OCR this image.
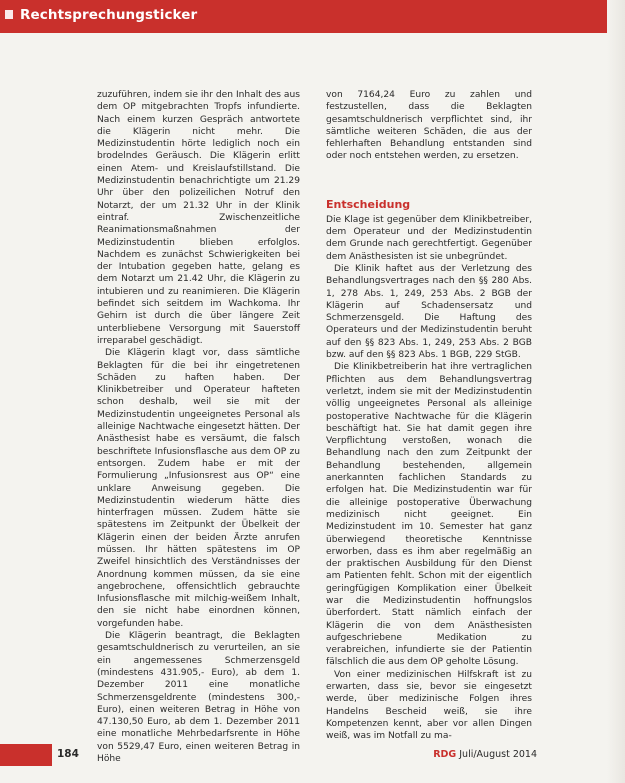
Rechtsprechungsticker

zuzuführen, indem sie ihr den Inhalt des aus dem OP mitgebrachten Tropfs infundierte. Nach einem kurzen Gespräch antwortete die Klägerin nicht mehr. Die Medizinstudentin hörte lediglich noch ein brodelndes Geräusch. Die Klägerin erlitt einen Atem- und Kreislaufstillstand. Die Medizinstudentin benachrichtigte um 21.29 Uhr über den polizeilichen Notruf den Notarzt, der um 21.32 Uhr in der Klinik eintraf. Zwischenzeitliche Reanimationsmaßnahmen der Medizinstudentin blieben erfolglos. Nachdem es zunächst Schwierigkeiten bei der Intubation gegeben hatte, gelang es dem Notarzt um 21.42 Uhr, die Klägerin zu intubieren und zu reanimieren. Die Klägerin befindet sich seitdem im Wachkoma. Ihr Gehirn ist durch die über längere Zeit unterbliebene Versorgung mit Sauerstoff irreparabel geschädigt.

Die Klägerin klagt vor, dass sämtliche Beklagten für die bei ihr eingetretenen Schäden zu haften haben. Der Klinikbetreiber und Operateur hafteten schon deshalb, weil sie mit der Medizinstudentin ungeeignetes Personal als alleinige Nachtwache eingesetzt hätten. Der Anästhesist habe es versäumt, die falsch beschriftete Infusionsflasche aus dem OP zu entsorgen. Zudem habe er mit der Formulierung „Infusionsrest aus OP“ eine unklare Anweisung gegeben. Die Medizinstudentin wiederum hätte dies hinterfragen müssen. Zudem hätte sie spätestens im Zeitpunkt der Übelkeit der Klägerin einen der beiden Ärzte anrufen müssen. Ihr hätten spätestens im OP Zweifel hinsichtlich des Verständnisses der Anordnung kommen müssen, da sie eine angebrochene, offensichtlich gebrauchte Infusionsflasche mit milchig-weißem Inhalt, den sie nicht habe einordnen können, vorgefunden habe.

Die Klägerin beantragt, die Beklagten gesamtschuldnerisch zu verurteilen, an sie ein angemessenes Schmerzensgeld (mindestens 431.905,- Euro), ab dem 1. Dezember 2011 eine monatliche Schmerzensgeldrente (mindestens 300,- Euro), einen weiteren Betrag in Höhe von 47.130,50 Euro, ab dem 1. Dezember 2011 eine monatliche Mehrbedarfsrente in Höhe von 5529,47 Euro, einen weiteren Betrag in Höhe

von 7164,24 Euro zu zahlen und festzustellen, dass die Beklagten gesamtschuldnerisch verpflichtet sind, ihr sämtliche weiteren Schäden, die aus der fehlerhaften Behandlung entstanden sind oder noch entstehen werden, zu ersetzen.

Entscheidung

Die Klage ist gegenüber dem Klinikbetreiber, dem Operateur und der Medizinstudentin dem Grunde nach gerechtfertigt. Gegenüber dem Anästhesisten ist sie unbegründet.

Die Klinik haftet aus der Verletzung des Behandlungsvertrages nach den §§ 280 Abs. 1, 278 Abs. 1, 249, 253 Abs. 2 BGB der Klägerin auf Schadensersatz und Schmerzensgeld. Die Haftung des Operateurs und der Medizinstudentin beruht auf den §§ 823 Abs. 1, 249, 253 Abs. 2 BGB bzw. auf den §§ 823 Abs. 1 BGB, 229 StGB.

Die Klinikbetreiberin hat ihre vertraglichen Pflichten aus dem Behandlungsvertrag verletzt, indem sie mit der Medizinstudentin völlig ungeeignetes Personal als alleinige postoperative Nachtwache für die Klägerin beschäftigt hat. Sie hat damit gegen ihre Verpflichtung verstoßen, wonach die Behandlung nach den zum Zeitpunkt der Behandlung bestehenden, allgemein anerkannten fachlichen Standards zu erfolgen hat. Die Medizinstudentin war für die alleinige postoperative Überwachung medizinisch nicht geeignet. Ein Medizinstudent im 10. Semester hat ganz überwiegend theoretische Kenntnisse erworben, dass es ihm aber regelmäßig an der praktischen Ausbildung für den Dienst am Patienten fehlt. Schon mit der eigentlich geringfügigen Komplikation einer Übelkeit war die Medizinstudentin hoffnungslos überfordert. Statt nämlich einfach der Klägerin die von dem Anästhesisten aufgeschriebene Medikation zu verabreichen, infundierte sie der Patientin fälschlich die aus dem OP geholte Lösung.

Von einer medizinischen Hilfskraft ist zu erwarten, dass sie, bevor sie eingesetzt werde, über medizinische Folgen ihres Handelns Bescheid weiß, sie ihre Kompetenzen kennt, aber vor allen Dingen weiß, was im Notfall zu ma-

184	RDG Juli/August 2014
